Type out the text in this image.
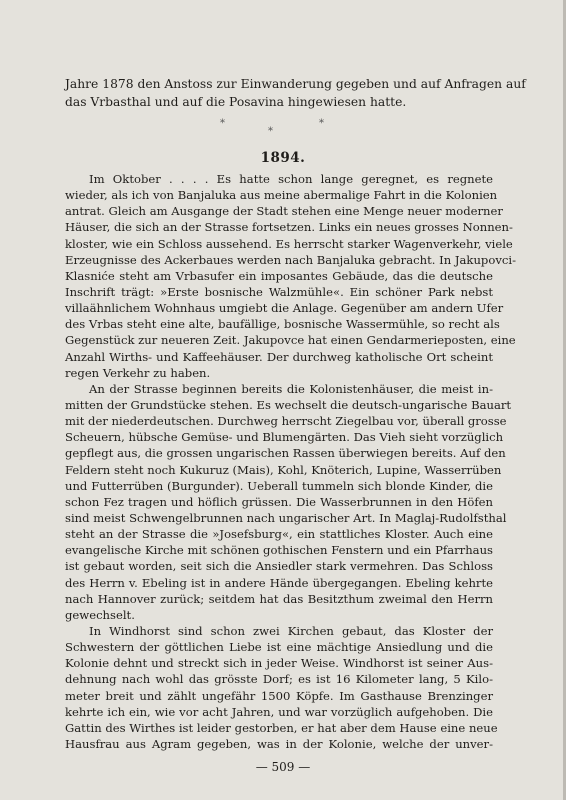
Jahre 1878 den Anstoss zur Einwanderung gegeben und auf Anfragen auf
das Vrbasthal und auf die Posavina hingewiesen hatte.
*	*
*
1894.
Im Oktober . . . . Es hatte schon lange geregnet, es regnete
wieder, als ich von Banjaluka aus meine abermalige Fahrt in die Kolonien
antrat. Gleich am Ausgange der Stadt stehen eine Menge neuer moderner
Häuser, die sich an der Strasse fortsetzen. Links ein neues grosses Nonnen-
kloster, wie ein Schloss aussehend. Es herrscht starker Wagenverkehr, viele
Erzeugnisse des Ackerbaues werden nach Banjaluka gebracht. In Jakupovci-
Klasniće steht am Vrbasufer ein imposantes Gebäude, das die deutsche
Inschrift trägt: »Erste bosnische Walzmühle«. Ein schöner Park nebst
villaähnlichem Wohnhaus umgiebt die Anlage. Gegenüber am andern Ufer
des Vrbas steht eine alte, baufällige, bosnische Wassermühle, so recht als
Gegenstück zur neueren Zeit. Jakupovce hat einen Gendarmerieposten, eine
Anzahl Wirths- und Kaffeehäuser. Der durchweg katholische Ort scheint
regen Verkehr zu haben.
An der Strasse beginnen bereits die Kolonistenhäuser, die meist in-
mitten der Grundstücke stehen. Es wechselt die deutsch-ungarische Bauart
mit der niederdeutschen. Durchweg herrscht Ziegelbau vor, überall grosse
Scheuern, hübsche Gemüse- und Blumengärten. Das Vieh sieht vorzüglich
gepflegt aus, die grossen ungarischen Rassen überwiegen bereits. Auf den
Feldern steht noch Kukuruz (Mais), Kohl, Knöterich, Lupine, Wasserrüben
und Futterrüben (Burgunder). Ueberall tummeln sich blonde Kinder, die
schon Fez tragen und höflich grüssen. Die Wasserbrunnen in den Höfen
sind meist Schwengelbrunnen nach ungarischer Art. In Maglaj-Rudolfsthal
steht an der Strasse die »Josefsburg«, ein stattliches Kloster. Auch eine
evangelische Kirche mit schönen gothischen Fenstern und ein Pfarrhaus
ist gebaut worden, seit sich die Ansiedler stark vermehren. Das Schloss
des Herrn v. Ebeling ist in andere Hände übergegangen. Ebeling kehrte
nach Hannover zurück; seitdem hat das Besitzthum zweimal den Herrn
gewechselt.
In Windhorst sind schon zwei Kirchen gebaut, das Kloster der
Schwestern der göttlichen Liebe ist eine mächtige Ansiedlung und die
Kolonie dehnt und streckt sich in jeder Weise. Windhorst ist seiner Aus-
dehnung nach wohl das grösste Dorf; es ist 16 Kilometer lang, 5 Kilo-
meter breit und zählt ungefähr 1500 Köpfe. Im Gasthause Brenzinger
kehrte ich ein, wie vor acht Jahren, und war vorzüglich aufgehoben. Die
Gattin des Wirthes ist leider gestorben, er hat aber dem Hause eine neue
Hausfrau aus Agram gegeben, was in der Kolonie, welche der unver-
— 509 —
